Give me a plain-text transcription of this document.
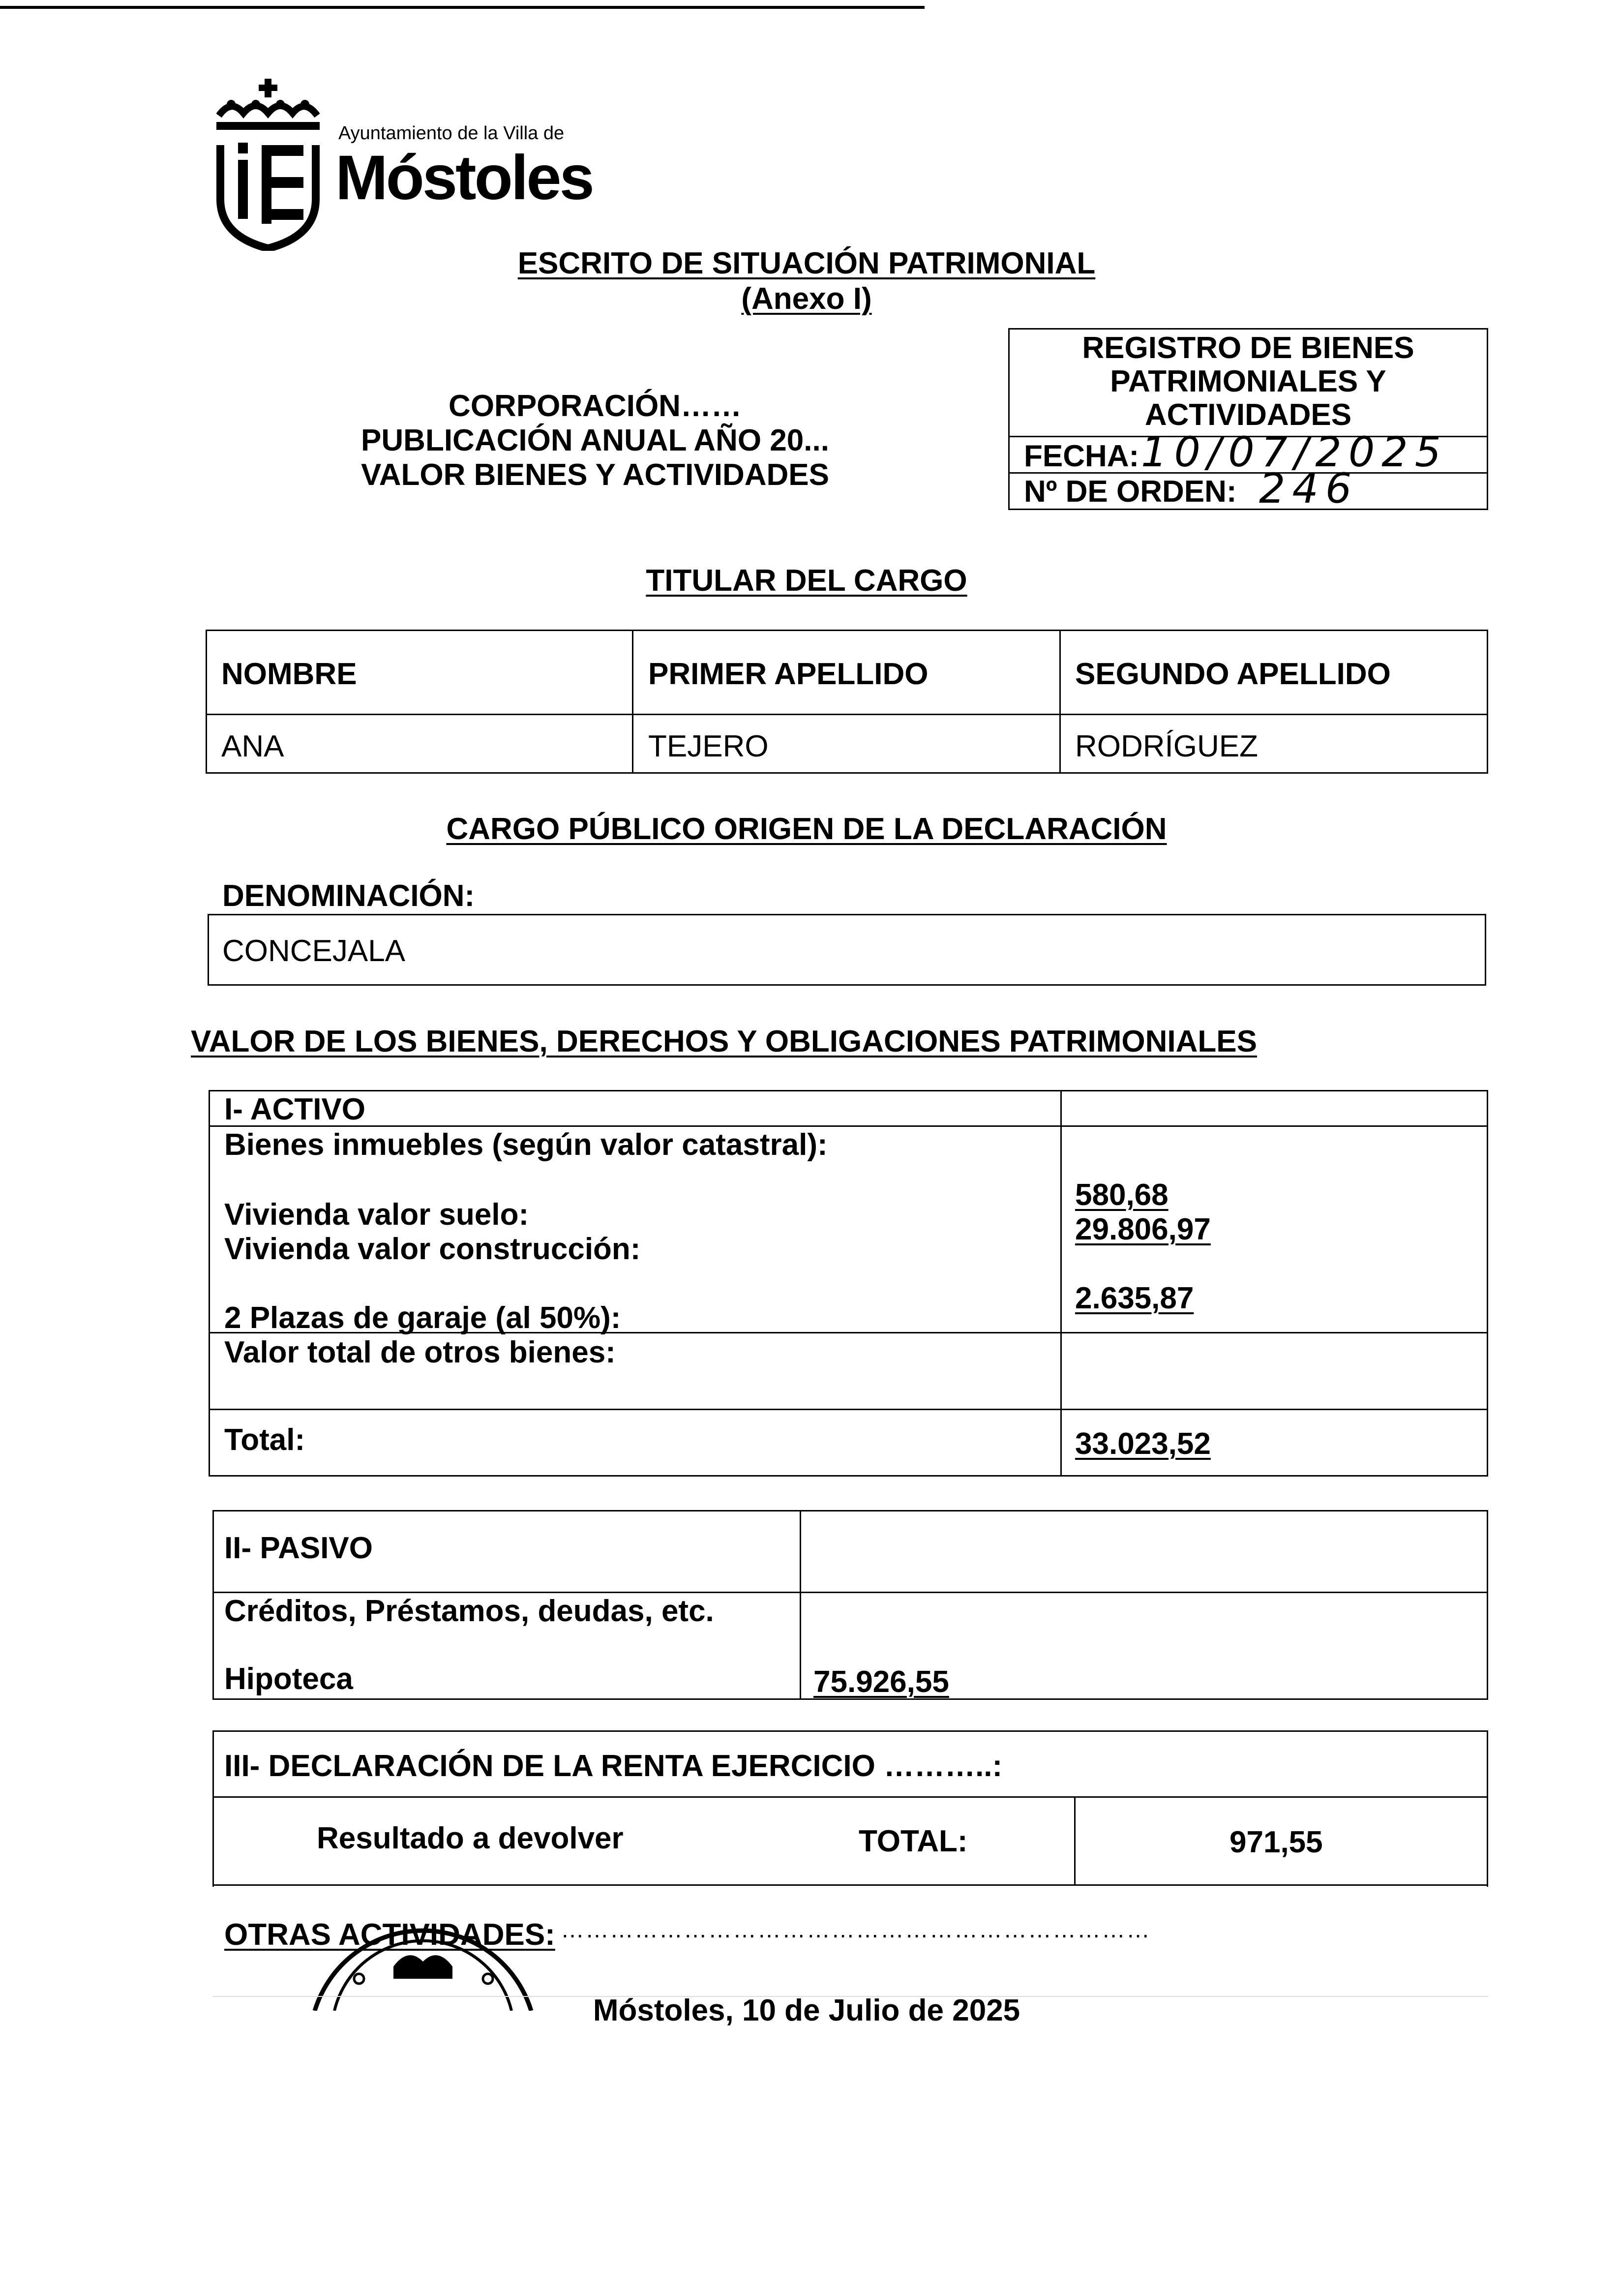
Ayuntamiento de la Villa de
Móstoles
ESCRITO DE SITUACIÓN PATRIMONIAL
(Anexo I)
CORPORACIÓN……
PUBLICACIÓN ANUAL AÑO 20...
VALOR BIENES Y ACTIVIDADES
REGISTRO DE BIENES
PATRIMONIALES Y
ACTIVIDADES
FECHA: 10/07/2025
Nº DE ORDEN: 246
TITULAR DEL CARGO
NOMBRE	PRIMER APELLIDO	SEGUNDO APELLIDO
ANA	TEJERO	RODRÍGUEZ
CARGO PÚBLICO ORIGEN DE LA DECLARACIÓN
DENOMINACIÓN:
CONCEJALA
VALOR DE LOS BIENES, DERECHOS Y OBLIGACIONES PATRIMONIALES
I- ACTIVO
Bienes inmuebles (según valor catastral):
Vivienda valor suelo:
580,68
Vivienda valor construcción:
29.806,97
2 Plazas de garaje (al 50%):
2.635,87
Valor total de otros bienes:
Total:	33.023,52
II- PASIVO
Créditos, Préstamos, deudas, etc.
Hipoteca	75.926,55
III- DECLARACIÓN DE LA RENTA EJERCICIO ………..:
Resultado a devolver	TOTAL:	971,55
OTRAS ACTIVIDADES: ………………………………………………………………
Móstoles, 10 de Julio de 2025
